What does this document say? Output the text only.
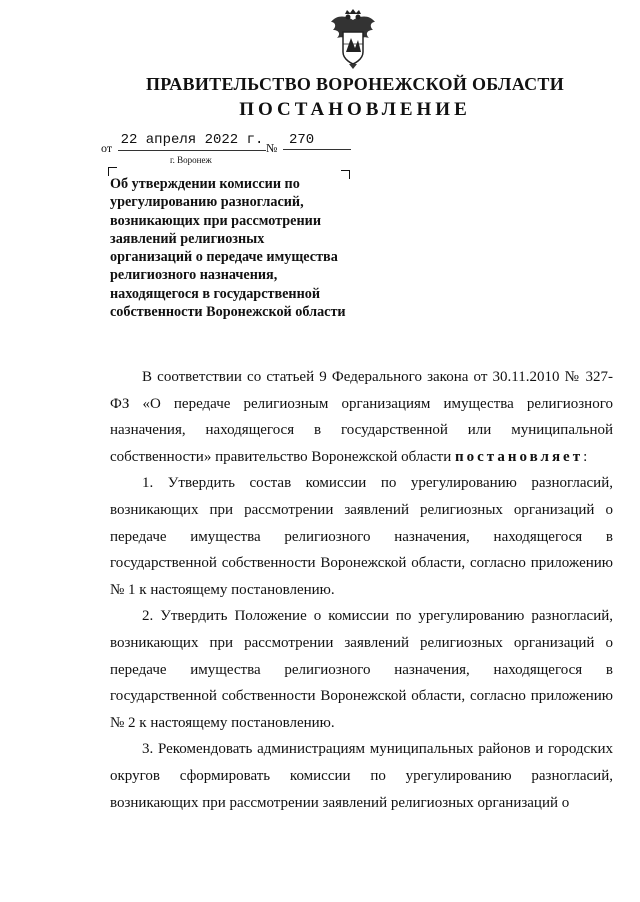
ПРАВИТЕЛЬСТВО ВОРОНЕЖСКОЙ ОБЛАСТИ
ПОСТАНОВЛЕНИЕ
от 22 апреля 2022 г. № 270
г. Воронеж
Об утверждении комиссии по урегулированию разногласий, возникающих при рассмотрении заявлений религиозных организаций о передаче имущества религиозного назначения, находящегося в государственной собственности Воронежской области

В соответствии со статьей 9 Федерального закона от 30.11.2010 № 327-ФЗ «О передаче религиозным организациям имущества религиозного назначения, находящегося в государственной или муниципальной собственности» правительство Воронежской области постановляет:

1. Утвердить состав комиссии по урегулированию разногласий, возникающих при рассмотрении заявлений религиозных организаций о передаче имущества религиозного назначения, находящегося в государственной собственности Воронежской области, согласно приложению № 1 к настоящему постановлению.

2. Утвердить Положение о комиссии по урегулированию разногласий, возникающих при рассмотрении заявлений религиозных организаций о передаче имущества религиозного назначения, находящегося в государственной собственности Воронежской области, согласно приложению № 2 к настоящему постановлению.

3. Рекомендовать администрациям муниципальных районов и городских округов сформировать комиссии по урегулированию разногласий, возникающих при рассмотрении заявлений религиозных организаций о
